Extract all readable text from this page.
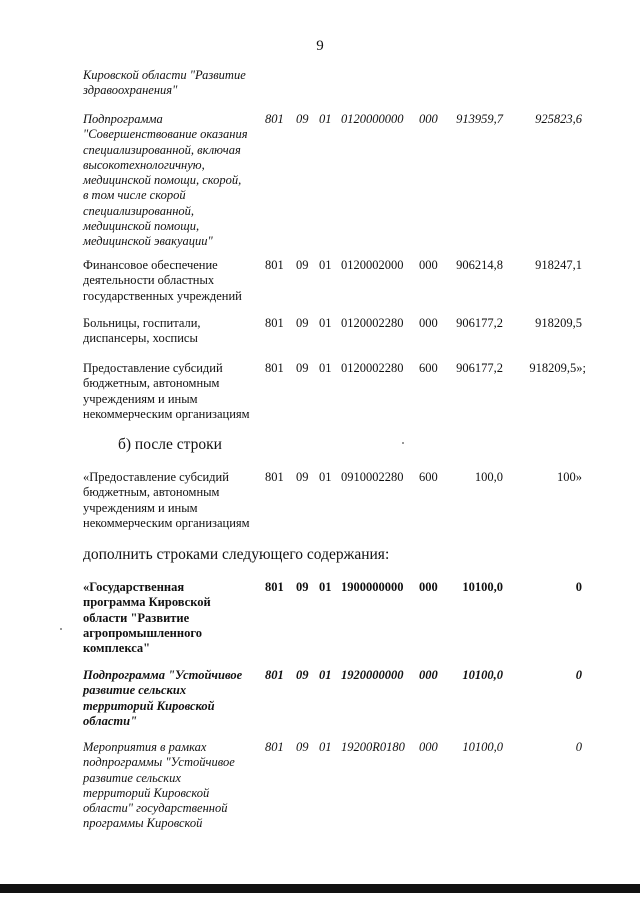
9
Кировской области "Развитие
здравоохранения"
Подпрограмма
"Совершенствование оказания
специализированной, включая
высокотехнологичную,
медицинской помощи, скорой,
в том числе скорой
специализированной,
медицинской помощи,
медицинской эвакуации"
801 09 01 0120000000 000 913959,7	925823,6
Финансовое обеспечение
деятельности областных
государственных учреждений
801 09 01 0120002000 000 906214,8	918247,1
Больницы, госпитали,
диспансеры, хосписы
801 09 01 0120002280 000 906177,2	918209,5
Предоставление субсидий
бюджетным, автономным
учреждениям и иным
некоммерческим организациям
801 09 01 0120002280 600 906177,2 918209,5»;
б) после строки
«Предоставление субсидий
бюджетным, автономным
учреждениям и иным
некоммерческим организациям
801 09 01 0910002280 600	100,0	100»
дополнить строками следующего содержания:
«Государственная
программа Кировской
области "Развитие
агропромышленного
комплекса"
801 09 01 1900000000 000 10100,0	0
Подпрограмма "Устойчивое
развитие сельских
территорий Кировской
области"
801 09 01 1920000000 000 10100,0	0
Мероприятия в рамках
подпрограммы "Устойчивое
развитие сельских
территорий Кировской
области" государственной
программы Кировской
801 09 01 19200R0180 000 10100,0	0
